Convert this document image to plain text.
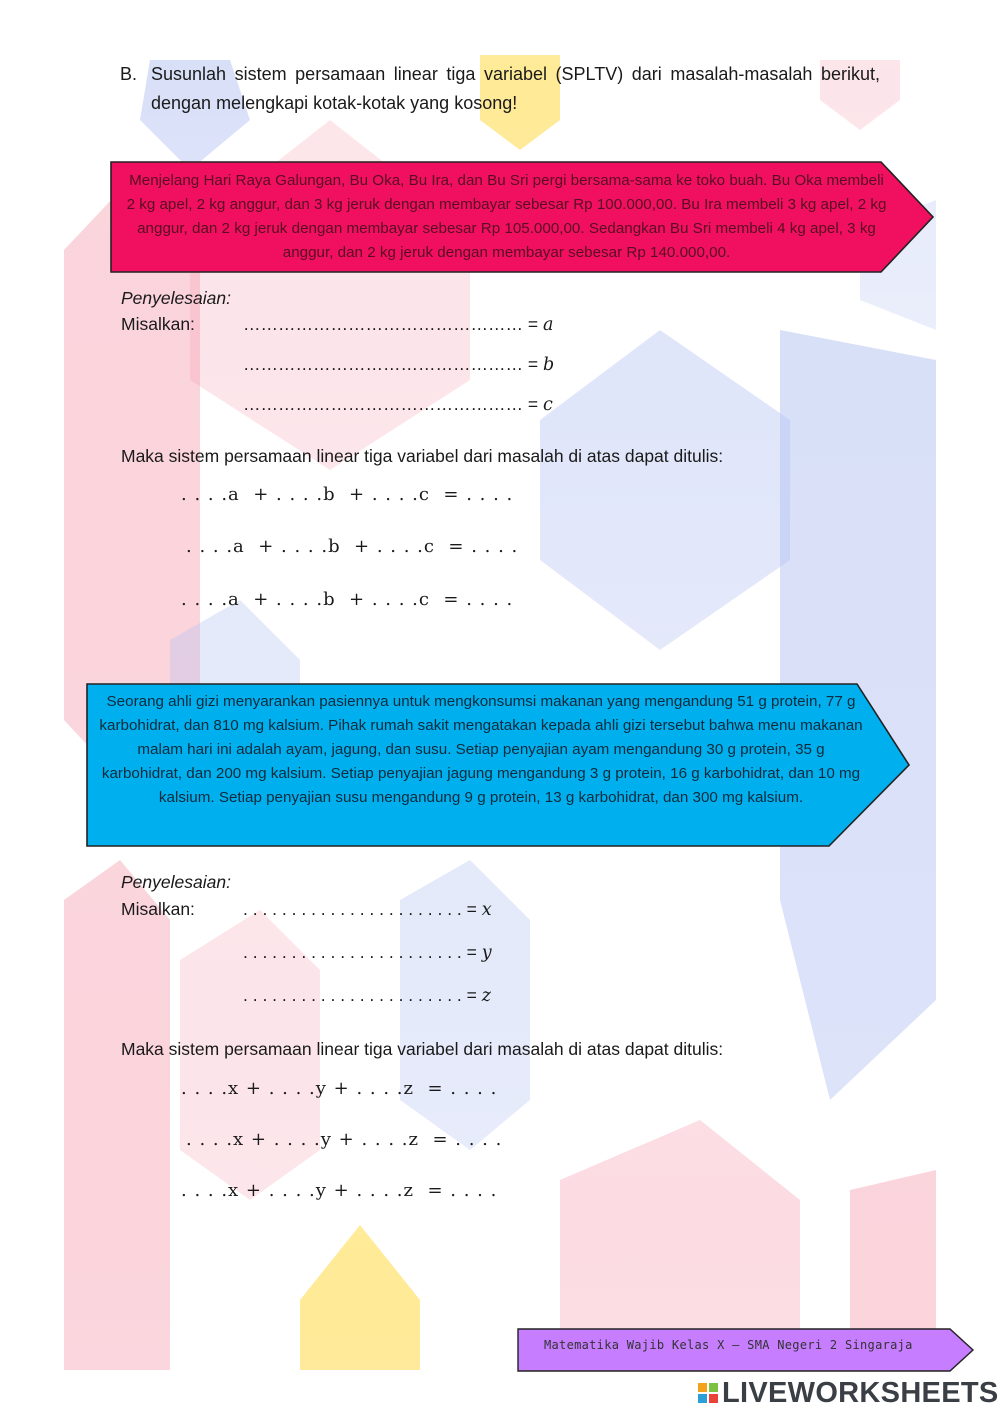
B. Susunlah sistem persamaan linear tiga variabel (SPLTV) dari masalah-masalah berikut, dengan melengkapi kotak-kotak yang kosong!
Menjelang Hari Raya Galungan, Bu Oka, Bu Ira, dan Bu Sri pergi bersama-sama ke toko buah. Bu Oka membeli 2 kg apel, 2 kg anggur, dan 3 kg jeruk dengan membayar sebesar Rp 100.000,00. Bu Ira membeli 3 kg apel, 2 kg anggur, dan 2 kg jeruk dengan membayar sebesar Rp 105.000,00. Sedangkan Bu Sri membeli 4 kg apel, 3 kg anggur, dan 2 kg jeruk dengan membayar sebesar Rp 140.000,00.
Penyelesaian:
Misalkan:	………………………………………… = a
………………………………………… = b
………………………………………… = c
Maka sistem persamaan linear tiga variabel dari masalah di atas dapat ditulis:
. . . .a  + . . . .b  + . . . .c  = . . . .
. . . .a  + . . . .b  + . . . .c  = . . . .
. . . .a  + . . . .b  + . . . .c  = . . . .
Seorang ahli gizi menyarankan pasiennya untuk mengkonsumsi makanan yang mengandung 51 g protein, 77 g karbohidrat, dan 810 mg kalsium. Pihak rumah sakit mengatakan kepada ahli gizi tersebut bahwa menu makanan malam hari ini adalah ayam, jagung, dan susu. Setiap penyajian ayam mengandung 30 g protein, 35 g karbohidrat, dan 200 mg kalsium. Setiap penyajian jagung mengandung 3 g protein, 16 g karbohidrat, dan 10 mg kalsium. Setiap penyajian susu mengandung 9 g protein, 13 g karbohidrat, dan 300 mg kalsium.
Penyelesaian:
Misalkan:	. . . . . . . . . . . . . . . . . . . . . . . = x
. . . . . . . . . . . . . . . . . . . . . . . = y
. . . . . . . . . . . . . . . . . . . . . . . = z
Maka sistem persamaan linear tiga variabel dari masalah di atas dapat ditulis:
. . . .x + . . . .y + . . . .z  = . . . .
. . . .x + . . . .y + . . . .z  = . . . .
. . . .x + . . . .y + . . . .z  = . . . .
Matematika Wajib Kelas X – SMA Negeri 2 Singaraja
LIVEWORKSHEETS
